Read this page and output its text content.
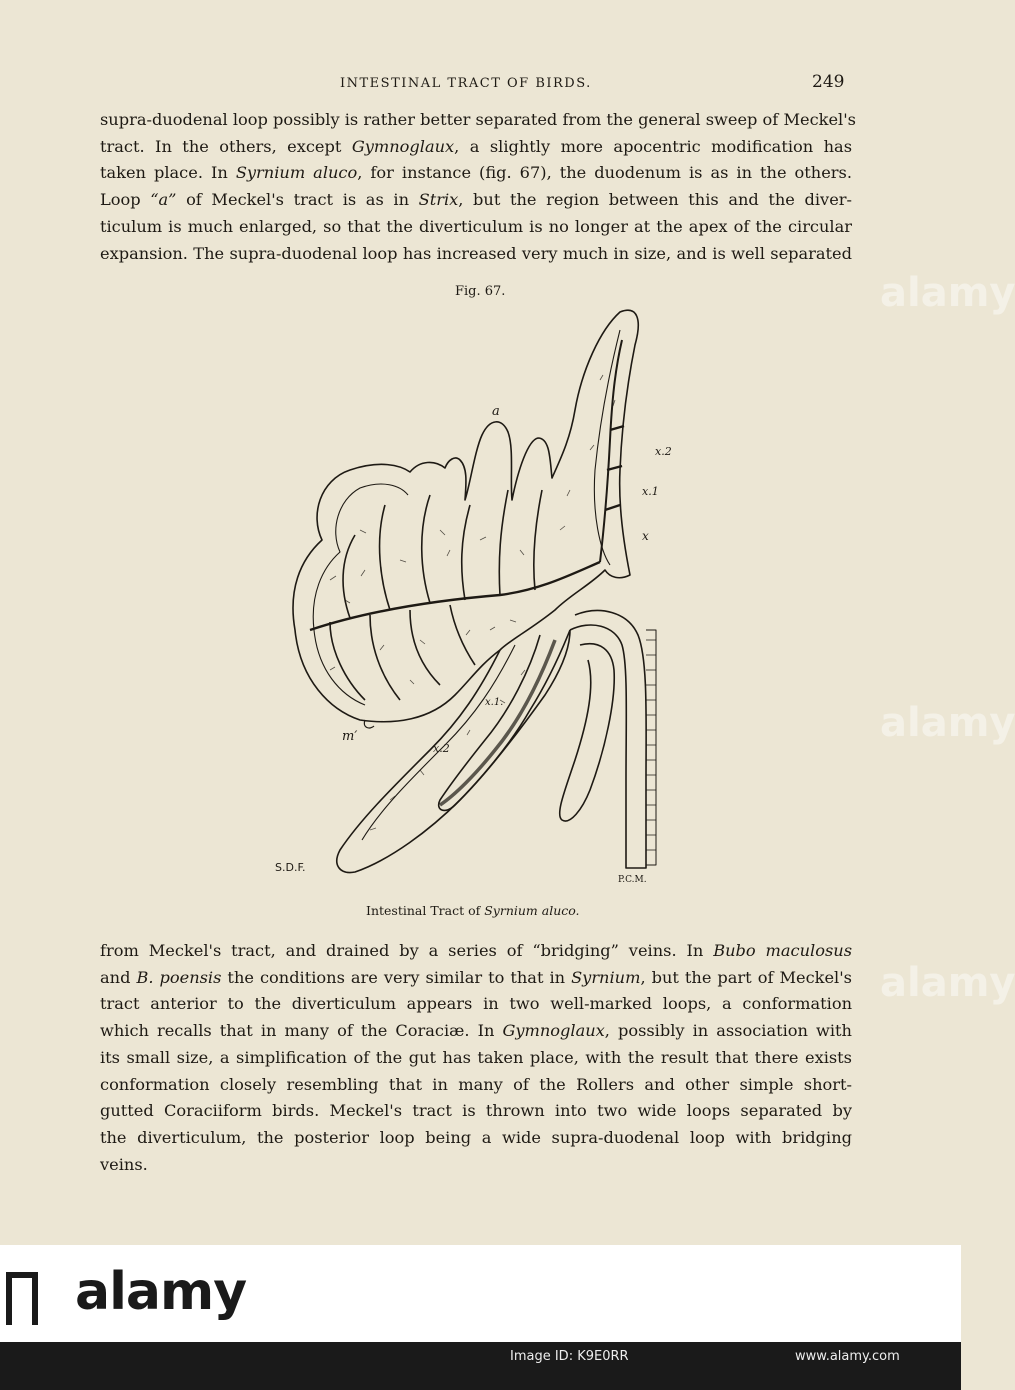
INTESTINAL TRACT OF BIRDS.	249
supra-duodenal loop possibly is rather better separated from the general sweep of Meckel's
tract. In the others, except Gymnoglaux, a slightly more apocentric modification has
taken place. In Syrnium aluco, for instance (fig. 67), the duodenum is as in the others.
Loop “a” of Meckel's tract is as in Strix, but the region between this and the diver-
ticulum is much enlarged, so that the diverticulum is no longer at the apex of the circular
expansion. The supra-duodenal loop has increased very much in size, and is well separated
Fig. 67.
a
x.2
x.1
x
m′
x.1.
x.2
S.D.F.
P.C.M.
Intestinal Tract of Syrnium aluco.
from Meckel's tract, and drained by a series of “bridging” veins. In Bubo maculosus
and B. poensis the conditions are very similar to that in Syrnium, but the part of Meckel's
tract anterior to the diverticulum appears in two well-marked loops, a conformation
which recalls that in many of the Coraciæ. In Gymnoglaux, possibly in association with
its small size, a simplification of the gut has taken place, with the result that there exists
conformation closely resembling that in many of the Rollers and other simple short-
gutted Coraciiform birds. Meckel's tract is thrown into two wide loops separated by
the diverticulum, the posterior loop being a wide supra-duodenal loop with bridging
veins.
alamy
alamy
alamy
alamy
Image ID: K9E0RR	www.alamy.com
